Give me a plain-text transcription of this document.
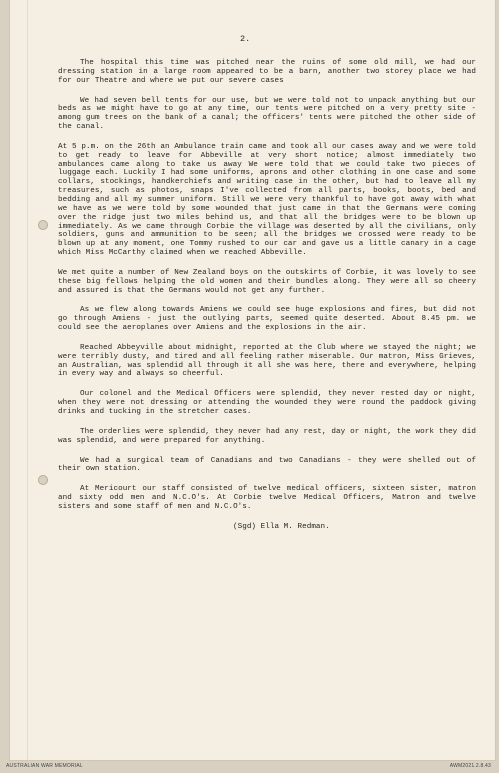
2.

The hospital this time was pitched near the ruins of some old mill, we had our dressing station in a large room appeared to be a barn, another two storey place we had for our Theatre and where we put our severe cases

We had seven bell tents for our use, but we were told not to unpack anything but our beds as we might have to go at any time, our tents were pitched on a very pretty site - among gum trees on the bank of a canal; the officers' tents were pitched the other side of the canal.

At 5 p.m. on the 26th an Ambulance train came and took all our cases away and we were told to get ready to leave for Abbeville at very short notice; almost immediately two ambulances came along to take us away We were told that we could take two pieces of luggage each. Luckily I had some uniforms, aprons and other clothing in one case and some collars, stockings, handkerchiefs and writing case in the other, but had to leave all my treasures, such as photos, snaps I've collected from all parts, books, boots, bed and bedding and all my summer uniform. Still we were very thankful to have got away with what we have as we were told by some wounded that just came in that the Germans were coming over the ridge just two miles behind us, and that all the bridges were to be blown up immediately. As we came through Corbie the village was deserted by all the civilians, only soldiers, guns and ammunition to be seen; all the bridges we crossed were ready to be blown up at any moment, one Tommy rushed to our car and gave us a little canary in a cage which Miss McCarthy claimed when we reached Abbeville.

We met quite a number of New Zealand boys on the outskirts of Corbie, it was lovely to see these big fellows helping the old women and their bundles along. They were all so cheery and assured is that the Germans would not get any further.

As we flew along towards Amiens we could see huge explosions and fires, but did not go through Amiens - just the outlying parts, seemed quite deserted. About 8.45 pm. we could see the aeroplanes over Amiens and the explosions in the air.

Reached Abbeyville about midnight, reported at the Club where we stayed the night; we were terribly dusty, and tired and all feeling rather miserable. Our matron, Miss Grieves, an Australian, was splendid all through it all she was here, there and everywhere, helping in every way and always so cheerful.

Our colonel and the Medical Officers were splendid, they never rested day or night, when they were not dressing or attending the wounded they were round the paddock giving drinks and tucking in the stretcher cases.

The orderlies were splendid, they never had any rest, day or night, the work they did was splendid, and were prepared for anything.

We had a surgical team of Canadians and two Canadians - they were shelled out of their own station.

At Mericourt our staff consisted of twelve medical officers, sixteen sister, matron and sixty odd men and N.C.O's. At Corbie twelve Medical Officers, Matron and twelve sisters and some staff of men and N.C.O's.

(Sgd) Ella M. Redman.

AUSTRALIAN WAR MEMORIAL	AWM2021.2.8.43
